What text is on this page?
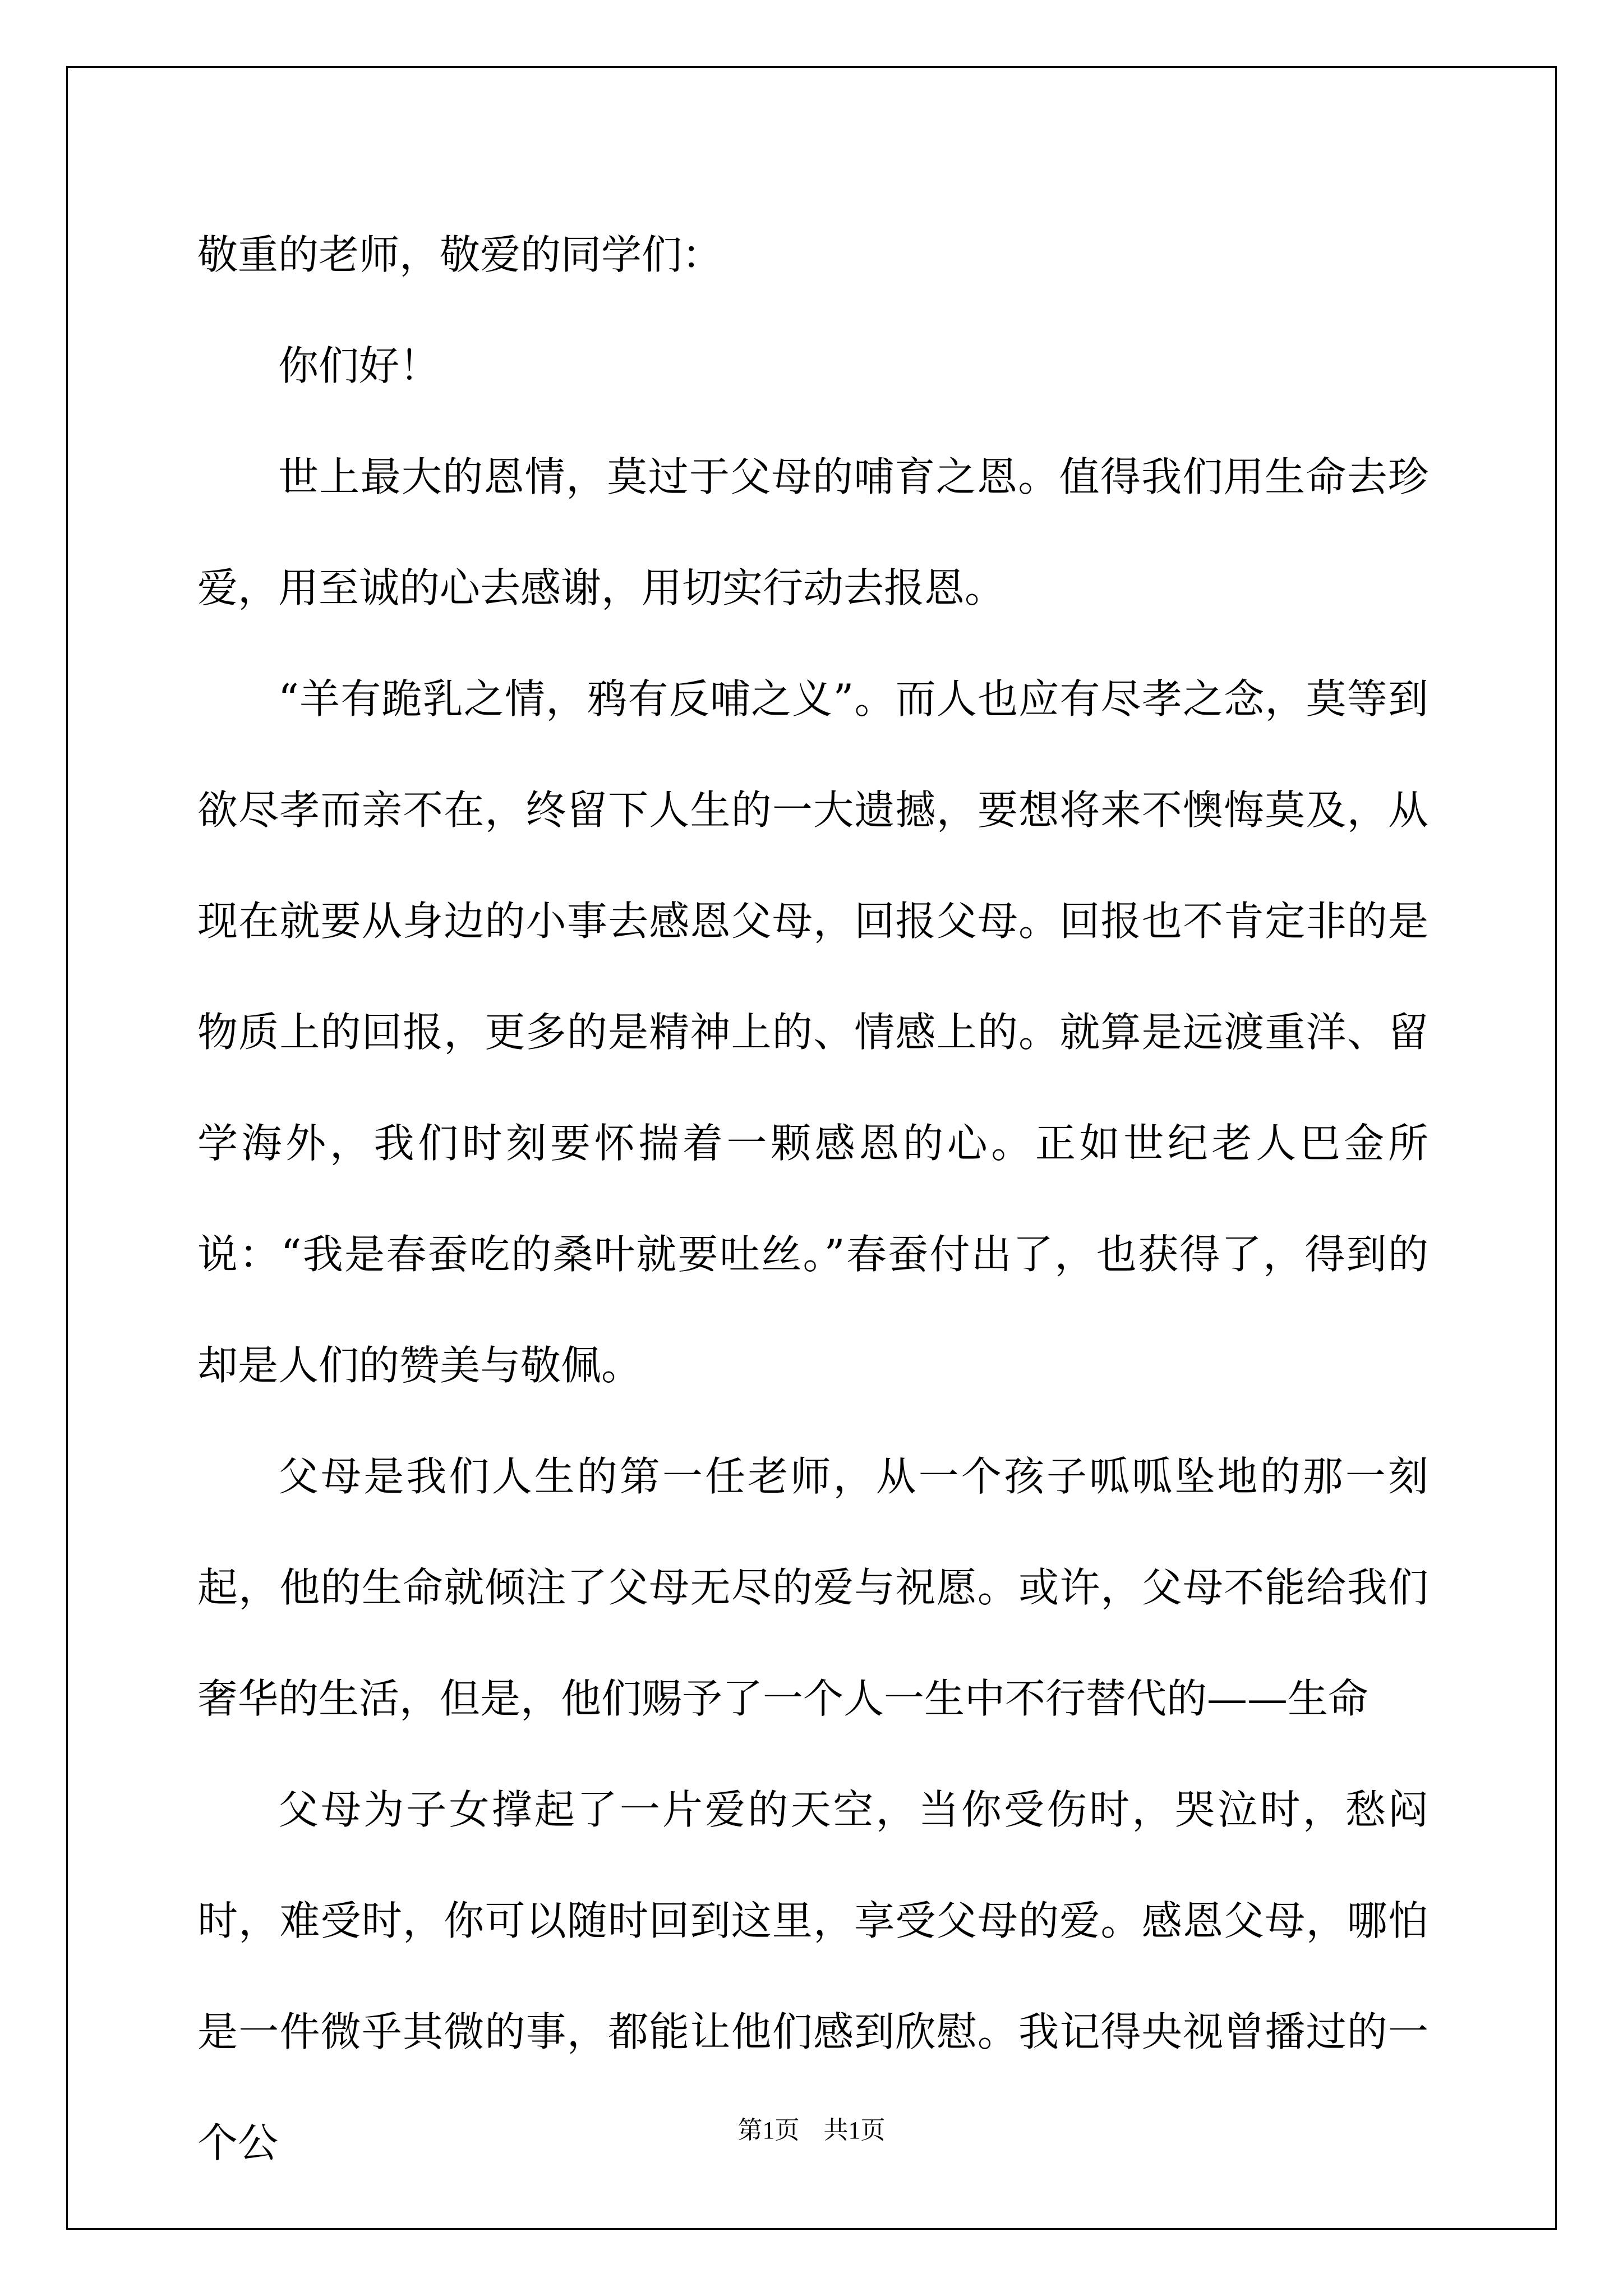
敬重的老师，敬爱的同学们：

你们好！

世上最大的恩情，莫过于父母的哺育之恩。值得我们用生命去珍爱，用至诚的心去感谢，用切实行动去报恩。

“羊有跪乳之情，鸦有反哺之义”。而人也应有尽孝之念，莫等到欲尽孝而亲不在，终留下人生的一大遗撼，要想将来不懊悔莫及，从现在就要从身边的小事去感恩父母，回报父母。回报也不肯定非的是物质上的回报，更多的是精神上的、情感上的。就算是远渡重洋、留学海外，我们时刻要怀揣着一颗感恩的心。正如世纪老人巴金所说：“我是春蚕吃的桑叶就要吐丝。”春蚕付出了，也获得了，得到的却是人们的赞美与敬佩。

父母是我们人生的第一任老师，从一个孩子呱呱坠地的那一刻起，他的生命就倾注了父母无尽的爱与祝愿。或许，父母不能给我们奢华的生活，但是，他们赐予了一个人一生中不行替代的——生命

父母为子女撑起了一片爱的天空，当你受伤时，哭泣时，愁闷时，难受时，你可以随时回到这里，享受父母的爱。感恩父母，哪怕是一件微乎其微的事，都能让他们感到欣慰。我记得央视曾播过的一个公	第1页 共1页
